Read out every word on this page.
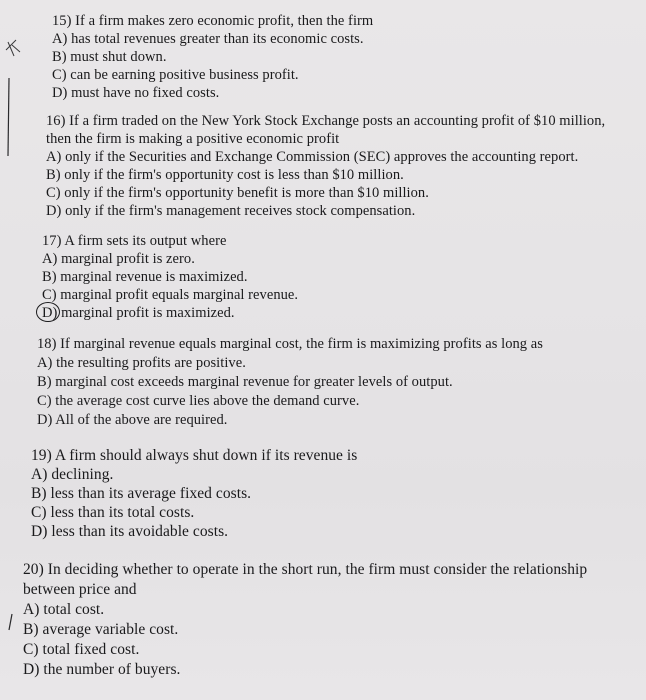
15) If a firm makes zero economic profit, then the firm
A) has total revenues greater than its economic costs.
B) must shut down.
C) can be earning positive business profit.
D) must have no fixed costs.
16) If a firm traded on the New York Stock Exchange posts an accounting profit of $10 million,
then the firm is making a positive economic profit
A) only if the Securities and Exchange Commission (SEC) approves the accounting report.
B) only if the firm's opportunity cost is less than $10 million.
C) only if the firm's opportunity benefit is more than $10 million.
D) only if the firm's management receives stock compensation.
17) A firm sets its output where
A) marginal profit is zero.
B) marginal revenue is maximized.
C) marginal profit equals marginal revenue.
D) marginal profit is maximized.
18) If marginal revenue equals marginal cost, the firm is maximizing profits as long as
A) the resulting profits are positive.
B) marginal cost exceeds marginal revenue for greater levels of output.
C) the average cost curve lies above the demand curve.
D) All of the above are required.
19) A firm should always shut down if its revenue is
A) declining.
B) less than its average fixed costs.
C) less than its total costs.
D) less than its avoidable costs.
20) In deciding whether to operate in the short run, the firm must consider the relationship
between price and
A) total cost.
B) average variable cost.
C) total fixed cost.
D) the number of buyers.
